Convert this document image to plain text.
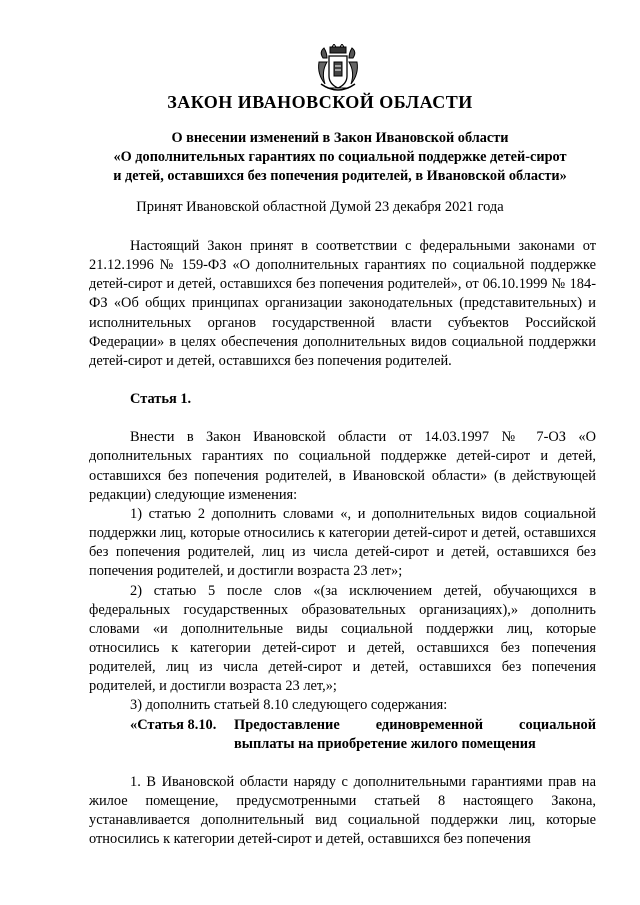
ЗАКОН ИВАНОВСКОЙ ОБЛАСТИ
О внесении изменений в Закон Ивановской области
«О дополнительных гарантиях по социальной поддержке детей-сирот
и детей, оставшихся без попечения родителей, в Ивановской области»
Принят Ивановской областной Думой 23 декабря 2021 года

Настоящий Закон принят в соответствии с федеральными законами от 21.12.1996 № 159-ФЗ «О дополнительных гарантиях по социальной поддержке детей-сирот и детей, оставшихся без попечения родителей», от 06.10.1999 № 184-ФЗ «Об общих принципах организации законодательных (представительных) и исполнительных органов государственной власти субъектов Российской Федерации» в целях обеспечения дополнительных видов социальной поддержки детей-сирот и детей, оставшихся без попечения родителей.

Статья 1.

Внести в Закон Ивановской области от 14.03.1997 № 7-ОЗ «О дополнительных гарантиях по социальной поддержке детей-сирот и детей, оставшихся без попечения родителей, в Ивановской области» (в действующей редакции) следующие изменения:

1) статью 2 дополнить словами «, и дополнительных видов социальной поддержки лиц, которые относились к категории детей-сирот и детей, оставшихся без попечения родителей, лиц из числа детей-сирот и детей, оставшихся без попечения родителей, и достигли возраста 23 лет»;

2) статью 5 после слов «(за исключением детей, обучающихся в федеральных государственных образовательных организациях),» дополнить словами «и дополнительные виды социальной поддержки лиц, которые относились к категории детей-сирот и детей, оставшихся без попечения родителей, лиц из числа детей-сирот и детей, оставшихся без попечения родителей, и достигли возраста 23 лет,»;

3) дополнить статьей 8.10 следующего содержания:

«Статья 8.10.	Предоставление единовременной социальной
выплаты на приобретение жилого помещения

1. В Ивановской области наряду с дополнительными гарантиями прав на жилое помещение, предусмотренными статьей 8 настоящего Закона, устанавливается дополнительный вид социальной поддержки лиц, которые относились к категории детей-сирот и детей, оставшихся без попечения
